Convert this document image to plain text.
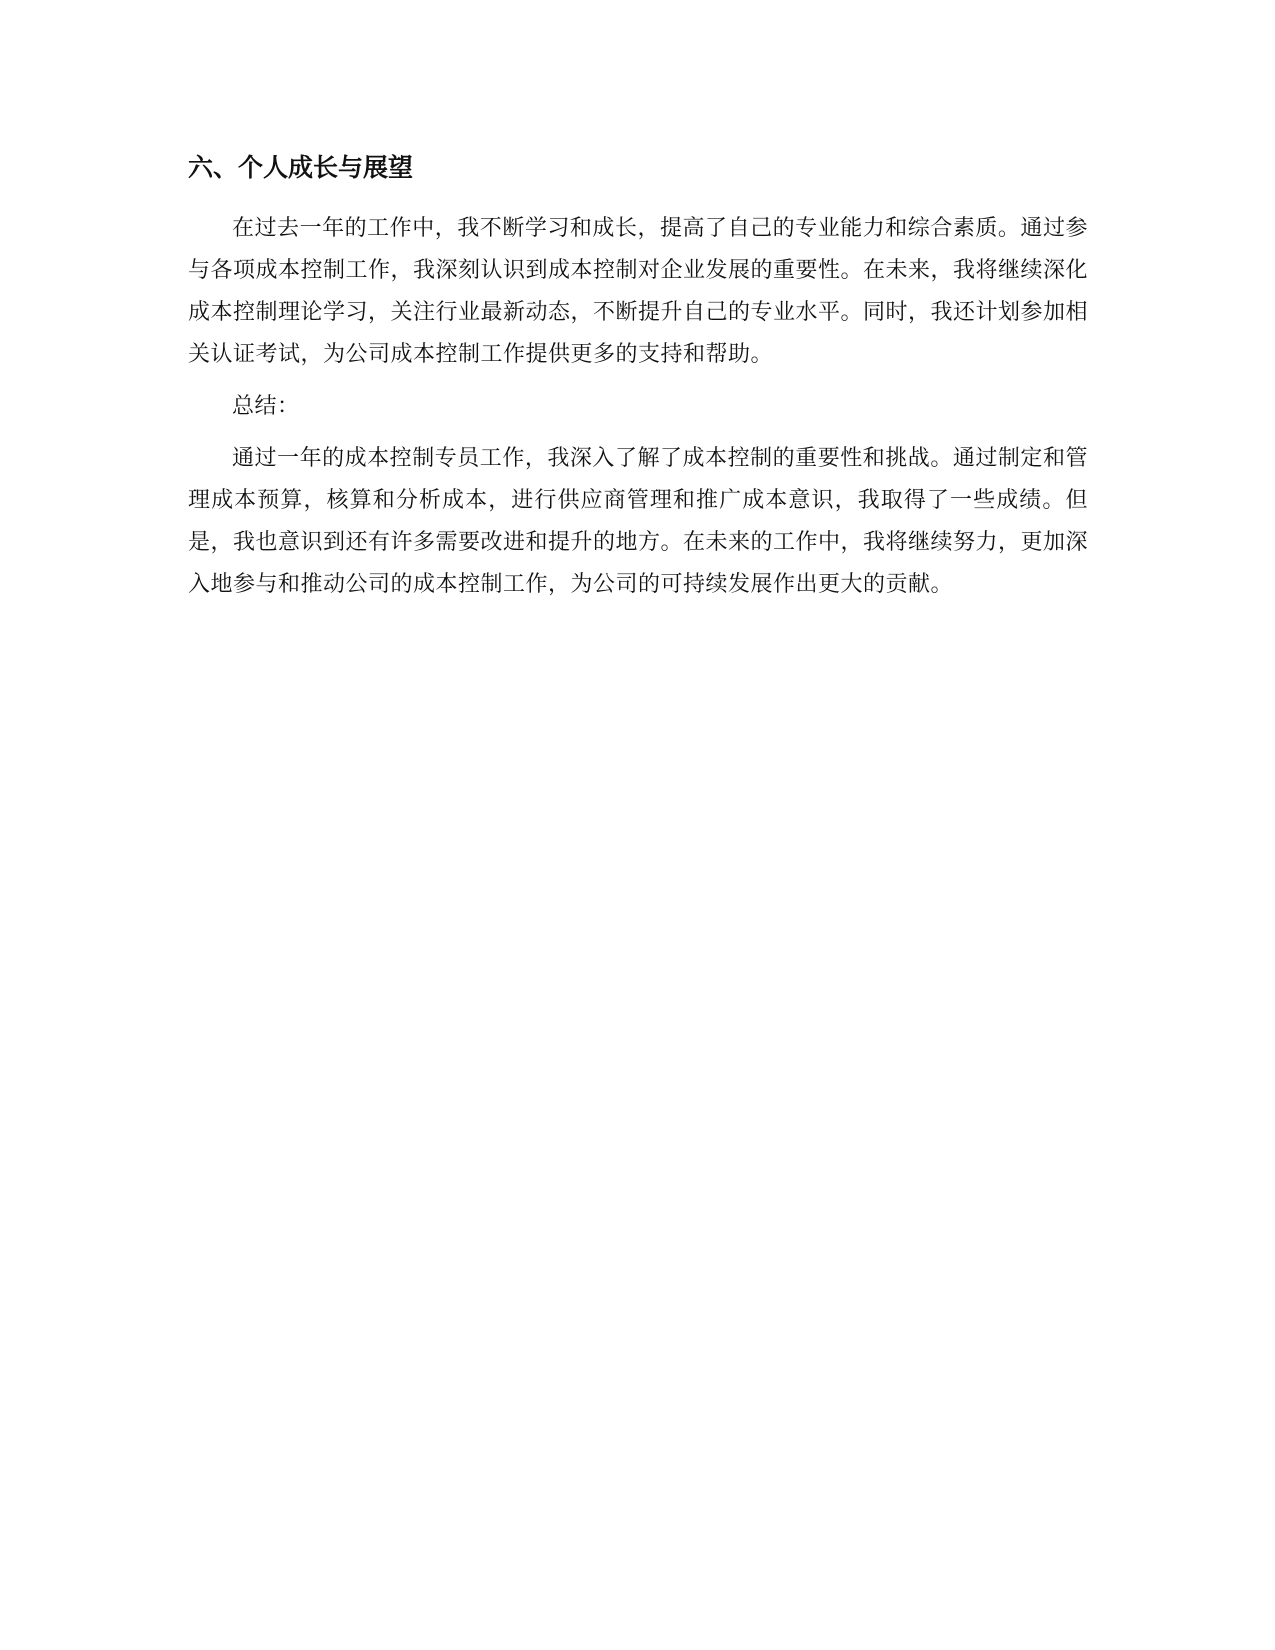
六、个人成长与展望

在过去一年的工作中，我不断学习和成长，提高了自己的专业能力和综合素质。通过参与各项成本控制工作，我深刻认识到成本控制对企业发展的重要性。在未来，我将继续深化成本控制理论学习，关注行业最新动态，不断提升自己的专业水平。同时，我还计划参加相关认证考试，为公司成本控制工作提供更多的支持和帮助。

总结：

通过一年的成本控制专员工作，我深入了解了成本控制的重要性和挑战。通过制定和管理成本预算，核算和分析成本，进行供应商管理和推广成本意识，我取得了一些成绩。但是，我也意识到还有许多需要改进和提升的地方。在未来的工作中，我将继续努力，更加深入地参与和推动公司的成本控制工作，为公司的可持续发展作出更大的贡献。
